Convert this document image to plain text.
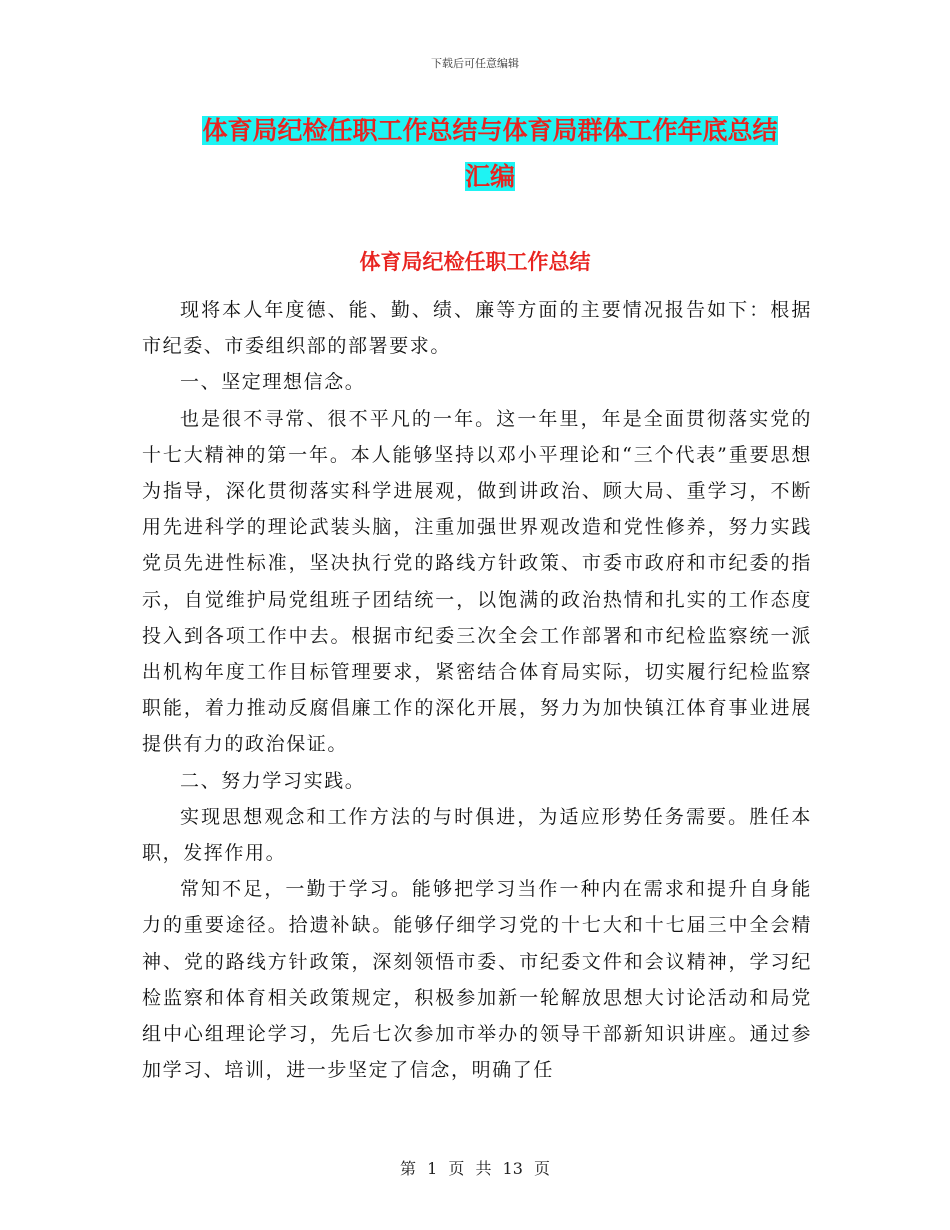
下载后可任意编辑
体育局纪检任职工作总结与体育局群体工作年底总结
汇编
体育局纪检任职工作总结

现将本人年度德、能、勤、绩、廉等方面的主要情况报告如下：根据市纪委、市委组织部的部署要求。

一、坚定理想信念。

也是很不寻常、很不平凡的一年。这一年里，年是全面贯彻落实党的十七大精神的第一年。本人能够坚持以邓小平理论和“三个代表”重要思想为指导，深化贯彻落实科学进展观，做到讲政治、顾大局、重学习，不断用先进科学的理论武装头脑，注重加强世界观改造和党性修养，努力实践党员先进性标准，坚决执行党的路线方针政策、市委市政府和市纪委的指示，自觉维护局党组班子团结统一，以饱满的政治热情和扎实的工作态度投入到各项工作中去。根据市纪委三次全会工作部署和市纪检监察统一派出机构年度工作目标管理要求，紧密结合体育局实际，切实履行纪检监察职能，着力推动反腐倡廉工作的深化开展，努力为加快镇江体育事业进展提供有力的政治保证。

二、努力学习实践。

实现思想观念和工作方法的与时俱进，为适应形势任务需要。胜任本职，发挥作用。

常知不足，一勤于学习。能够把学习当作一种内在需求和提升自身能力的重要途径。拾遗补缺。能够仔细学习党的十七大和十七届三中全会精神、党的路线方针政策，深刻领悟市委、市纪委文件和会议精神，学习纪检监察和体育相关政策规定，积极参加新一轮解放思想大讨论活动和局党组中心组理论学习，先后七次参加市举办的领导干部新知识讲座。通过参加学习、培训，进一步坚定了信念，明确了任

第 1 页 共 13 页
